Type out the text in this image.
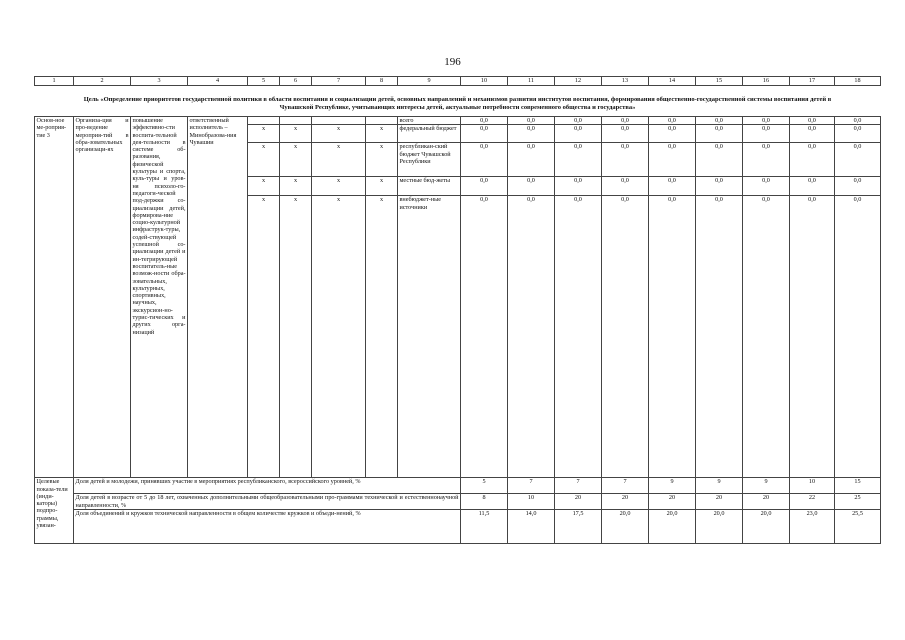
196
1	2	3	4	5	6	7	8	9	10	11	12	13	14	15	16	17	18
Цель «Определение приоритетов государственной политики в области воспитания и социализации детей, основных направлений и механизмов развития институтов воспитания, формирования общественно-государственной системы воспитания детей в Чувашской Республике, учитывающих интересы детей, актуальные потребности современного общества и государства»																	
Основ-ное ме-роприя-тие 3	Организа-ция и про-ведение мероприя-тий в обра-зовательных организаци-ях	повышение эффективно-сти воспита-тельной дея-тельности в системе об-разования, физической культуры и спорта, куль-туры и уров-ня психоло-го-педагоги-ческой под-держки со-циализации детей, формирова-ние социо-культурной инфраструк-туры, содей-ствующей успешной со-циализации детей и ин-тегрирующей воспитатель-ные возмож-ности обра-зовательных, культурных, спортивных, научных, экскурсион-но-турис-тических и других орга-низаций	ответственный исполнитель – Минобразова-ния Чувашии					всего	0,0	0,0	0,0	0,0	0,0	0,0	0,0	0,0	0,0
				x	x	x	x	федеральный бюджет	0,0	0,0	0,0	0,0	0,0	0,0	0,0	0,0	0,0
				x	x	x	x	республикан-ский бюджет Чувашской Республики	0,0	0,0	0,0	0,0	0,0	0,0	0,0	0,0	0,0
				x	x	x	x	местные бюд-жеты	0,0	0,0	0,0	0,0	0,0	0,0	0,0	0,0	0,0
				x	x	x	x	внебюджет-ные источники	0,0	0,0	0,0	0,0	0,0	0,0	0,0	0,0	0,0
Целевые показа-тели (инди-каторы) подпро-граммы, увязан-	Доля детей и молодежи, принявших участие в мероприятиях республиканского, всероссийского уровней, %								5	7	7	7	9	9	9	10	15
	Доля детей в возрасте от 5 до 18 лет, охваченных дополнительными общеобразовательными про-граммами технической и естественнонаучной направленности, %								8	10	20	20	20	20	20	22	25
	Доля объединений и кружков технической направленности в общем количестве кружков и объеди-нений, %								11,5	14,0	17,5	20,0	20,0	20,0	20,0	23,0	25,5
